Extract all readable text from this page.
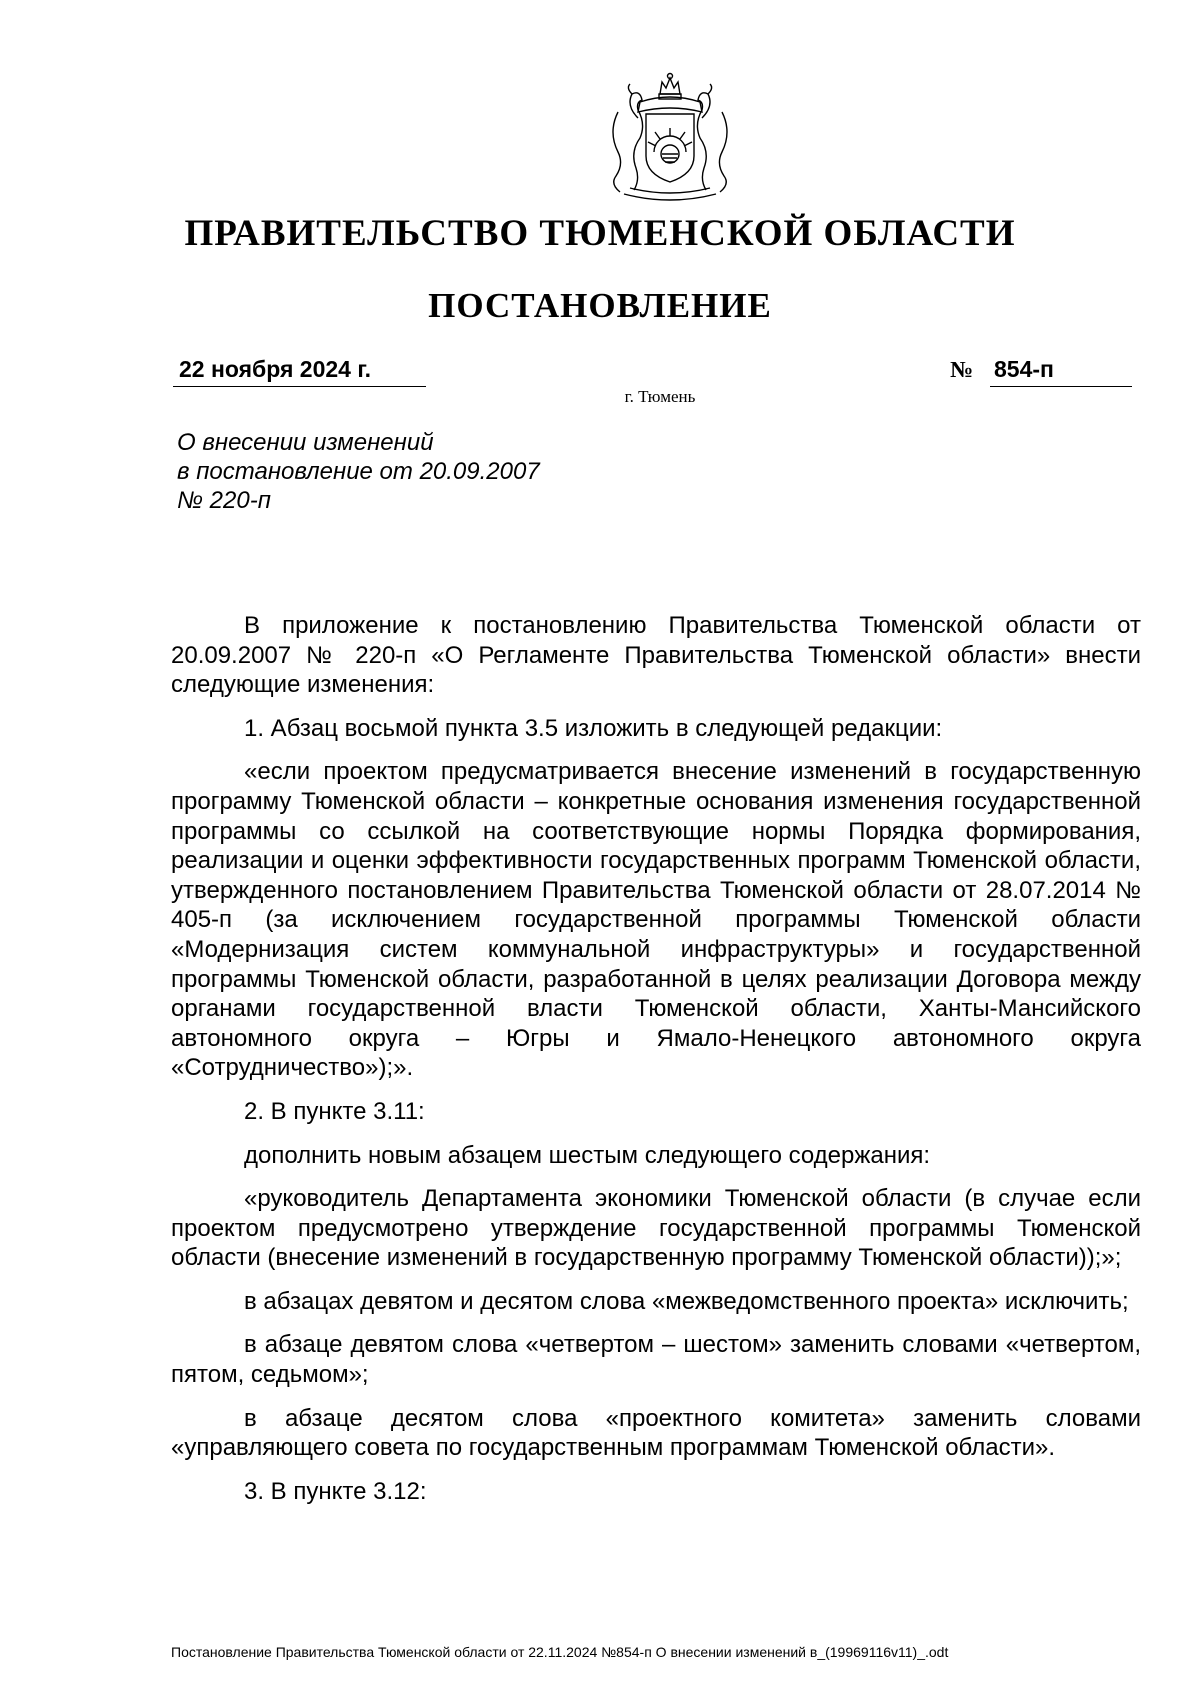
ПРАВИТЕЛЬСТВО ТЮМЕНСКОЙ ОБЛАСТИ
ПОСТАНОВЛЕНИЕ
22 ноября 2024 г.	№ 854-п
г. Тюмень
О внесении изменений
в постановление от 20.09.2007
№ 220-п

В приложение к постановлению Правительства Тюменской области от 20.09.2007 № 220-п «О Регламенте Правительства Тюменской области» внести следующие изменения:

1. Абзац восьмой пункта 3.5 изложить в следующей редакции:

«если проектом предусматривается внесение изменений в государственную программу Тюменской области – конкретные основания изменения государственной программы со ссылкой на соответствующие нормы Порядка формирования, реализации и оценки эффективности государственных программ Тюменской области, утвержденного постановлением Правительства Тюменской области от 28.07.2014 № 405-п (за исключением государственной программы Тюменской области «Модернизация систем коммунальной инфраструктуры» и государственной программы Тюменской области, разработанной в целях реализации Договора между органами государственной власти Тюменской области, Ханты-Мансийского автономного округа – Югры и Ямало-Ненецкого автономного округа «Сотрудничество»);».

2. В пункте 3.11:

дополнить новым абзацем шестым следующего содержания:

«руководитель Департамента экономики Тюменской области (в случае если проектом предусмотрено утверждение государственной программы Тюменской области (внесение изменений в государственную программу Тюменской области));»;

в абзацах девятом и десятом слова «межведомственного проекта» исключить;

в абзаце девятом слова «четвертом – шестом» заменить словами «четвертом, пятом, седьмом»;

в абзаце десятом слова «проектного комитета» заменить словами «управляющего совета по государственным программам Тюменской области».

3. В пункте 3.12:

Постановление Правительства Тюменской области от 22.11.2024 №854-п О внесении изменений в_(19969116v11)_.odt
